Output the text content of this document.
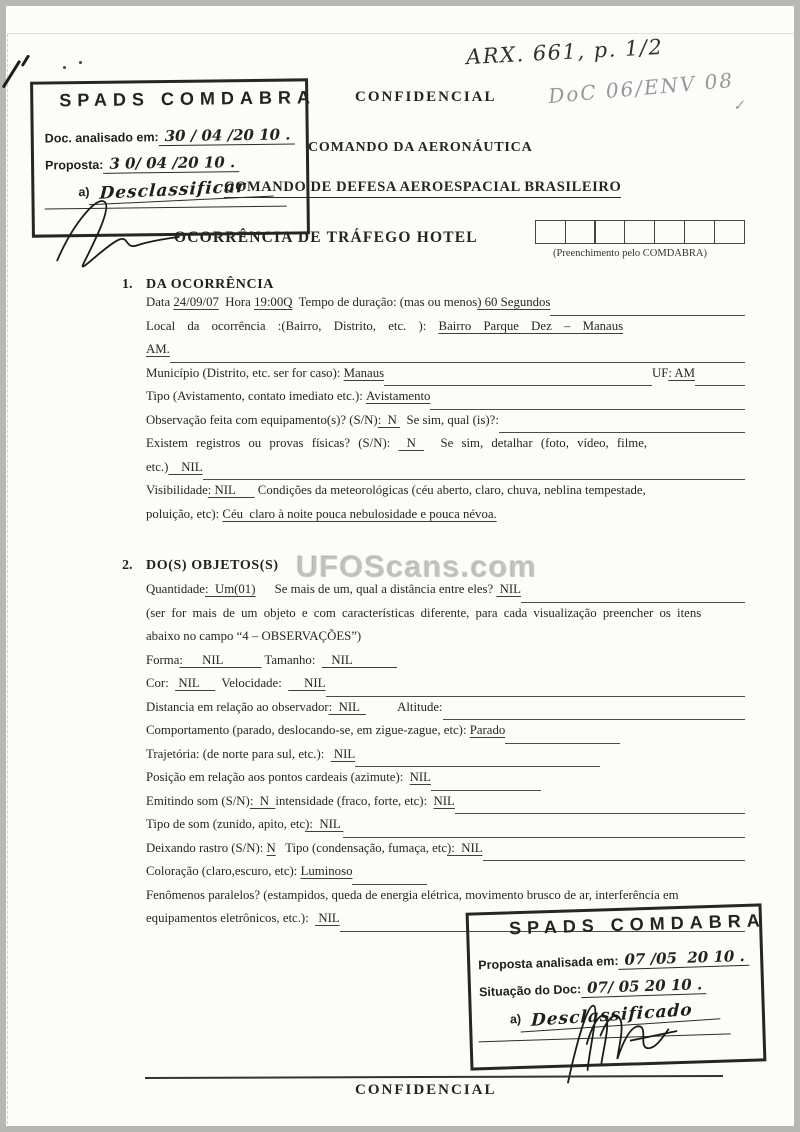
ARX. 661, p. 1/2
DoC 06/ENV 08
✓
CONFIDENCIAL
COMANDO DA AERONÁUTICA
COMANDO DE DEFESA AEROESPACIAL BRASILEIRO
OCORRÊNCIA DE TRÁFEGO HOTEL
(Preenchimento pelo COMDABRA)
1. DA OCORRÊNCIA
Data 24/09/07 Hora 19:00Q Tempo de duração: (mas ou menos ) 60 Segundos
Local da ocorrência :(Bairro, Distrito, etc. ): Bairro Parque Dez – Manaus
AM.
Município (Distrito, etc. ser for caso): Manaus	UF : AM
Tipo (Avistamento, contato imediato etc.): Avistamento
Observação feita com equipamento(s)? (S/N) :  N Se sim, qual (is)?:
Existem registros ou provas físicas? (S/N): N Se sim, detalhar (foto, vídeo, filme,
etc.) NIL
Visibilidade : NIL Condições da meteorológicas (céu aberto, claro, chuva, neblina tempestade,
poluição, etc): Céu  claro à noite pouca nebulosidade e pouca névoa.
UFOScans.com
2. DO(S) OBJETOS(S)
Quantidade :  Um(01) Se mais de um, qual a distância entre eles? NIL
(ser for mais de um objeto e com características diferente, para cada visualização preencher os itens
abaixo no campo “4 – OBSERVAÇÕES”)
Forma :      NIL Tamanho: NIL
Cor: NIL Velocidade: NIL
Distancia em relação ao observador :  NIL Altitude:
Comportamento (parado, deslocando-se, em zigue-zague, etc): Parado
Trajetória: (de norte para sul, etc.): NIL
Posição em relação aos pontos cardeais (azimute): NIL
Emitindo som (S/N) :  N intensidade (fraco, forte, etc): NIL
Tipo de som (zunido, apito, etc ):  NIL
Deixando rastro (S/N): N Tipo (condensação, fumaça, etc ):  NIL
Coloração (claro,escuro, etc): Luminoso
Fenômenos paralelos? (estampidos, queda de energia elétrica, movimento brusco de ar, interferência em
equipamentos eletrônicos, etc.): NIL
SPADS COMDABRA
Doc. analisado em: 30 / 04 /20 10 .
Proposta: 3 0/ 04 /20 10 .
a) Desclassificar
SPADS COMDABRA
Proposta analisada em: 07 /05  20 10 .
Situação do Doc: 07/ 05 20 10 .
a) Desclassificado
CONFIDENCIAL
